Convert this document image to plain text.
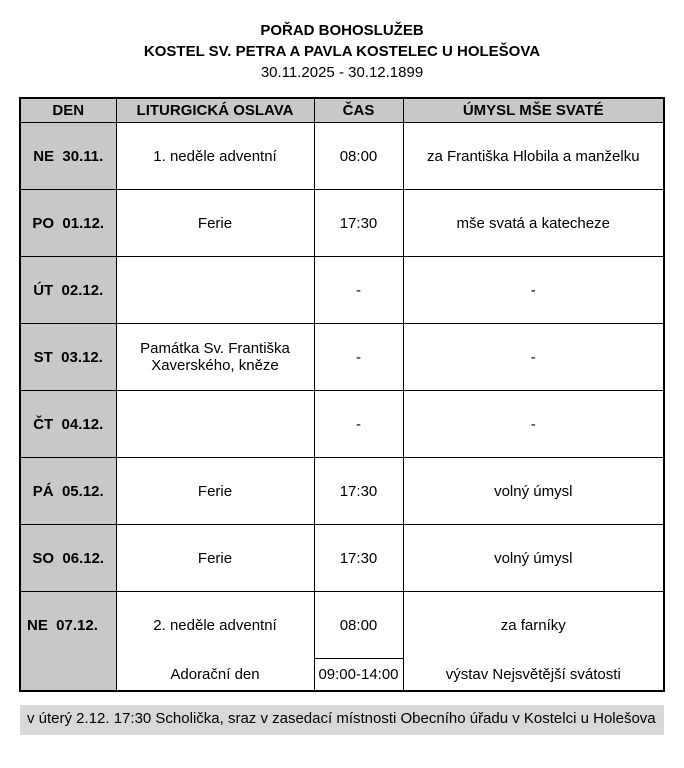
POŘAD BOHOSLUŽEB
KOSTEL SV. PETRA A PAVLA KOSTELEC U HOLEŠOVA
30.11.2025 - 30.12.1899
DEN	LITURGICKÁ OSLAVA	ČAS	ÚMYSL MŠE SVATÉ
NE  30.11.	1. neděle adventní	08:00	za Františka Hlobila a manželku
PO  01.12.	Ferie	17:30	mše svatá a katecheze
ÚT  02.12.		-	-
ST  03.12.	Památka Sv. Františka Xaverského, kněze	-	-
ČT  04.12.		-	-
PÁ  05.12.	Ferie	17:30	volný úmysl
SO  06.12.	Ferie	17:30	volný úmysl

NE  07.12.	2. neděle adventní
Adorační den

08:00
09:00-14:00

za farníky
výstav Nejsvětější svátosti
v úterý 2.12. 17:30 Scholička, sraz v zasedací místnosti Obecního úřadu v Kostelci u Holešova
